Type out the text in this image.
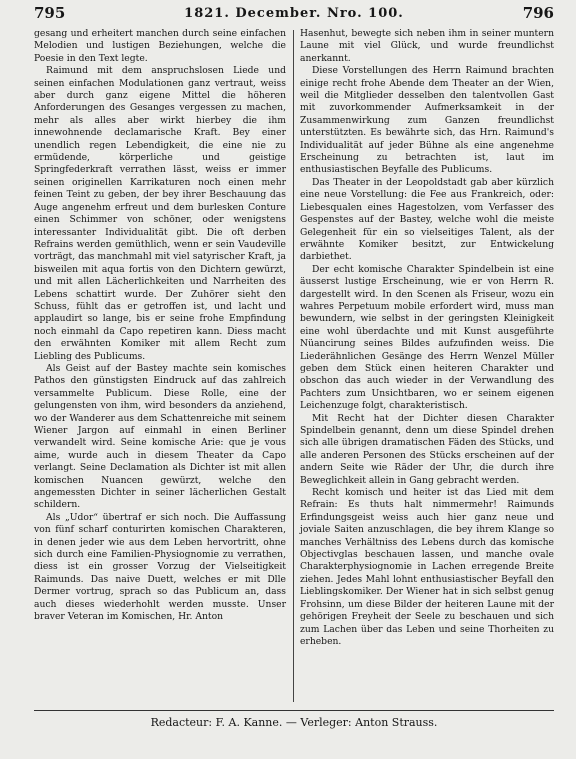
795	1821. December. Nro. 100.	796

gesang und erheitert manchen durch seine einfachen Melodien und lustigen Beziehungen, welche die Poesie in den Text legte.

Raimund mit dem anspruchslosen Liede und seinen einfachen Modulationen ganz vertraut, weiss aber durch ganz eigene Mittel die höheren Anforderungen des Gesanges vergessen zu machen, mehr als alles aber wirkt hierbey die ihm innewohnende declamarische Kraft. Bey einer unendlich regen Lebendigkeit, die eine nie zu ermüdende, körperliche und geistige Springfederkraft verrathen lässt, weiss er immer seinen originellen Karrikaturen noch einen mehr feinen Teint zu geben, der bey ihrer Beschauung das Auge angenehm erfreut und dem burlesken Conture einen Schimmer von schöner, oder wenigstens interessanter Individualität gibt. Die oft derben Refrains werden gemüthlich, wenn er sein Vaudeville vorträgt, das manchmahl mit viel satyrischer Kraft, ja bisweilen mit aqua fortis von den Dichtern gewürzt, und mit allen Lächerlichkeiten und Narrheiten des Lebens schattirt wurde. Der Zuhörer sieht den Schuss, fühlt das er getroffen ist, und lacht und applaudirt so lange, bis er seine frohe Empfindung noch einmahl da Capo repetiren kann. Diess macht den erwähnten Komiker mit allem Recht zum Liebling des Publicums.

Als Geist auf der Bastey machte sein komisches Pathos den günstigsten Eindruck auf das zahlreich versammelte Publicum. Diese Rolle, eine der gelungensten von ihm, wird besonders da anziehend, wo der Wanderer aus dem Schattenreiche mit seinem Wiener Jargon auf einmahl in einen Berliner verwandelt wird. Seine komische Arie: que je vous aime, wurde auch in diesem Theater da Capo verlangt. Seine Declamation als Dichter ist mit allen komischen Nuancen gewürzt, welche den angemessten Dichter in seiner lächerlichen Gestalt schildern.

Als „Udor“ übertraf er sich noch. Die Auffassung von fünf scharf conturirten komischen Charakteren, in denen jeder wie aus dem Leben hervortritt, ohne sich durch eine Familien-Physiognomie zu verrathen, diess ist ein grosser Vorzug der Vielseitigkeit Raimunds. Das naive Duett, welches er mit Dlle Dermer vortrug, sprach so das Publicum an, dass auch dieses wiederhohlt werden musste. Unser braver Veteran im Komischen, Hr. Anton

Hasenhut, bewegte sich neben ihm in seiner muntern Laune mit viel Glück, und wurde freundlichst anerkannt.

Diese Vorstellungen des Herrn Raimund brachten einige recht frohe Abende dem Theater an der Wien, weil die Mitglieder desselben den talentvollen Gast mit zuvorkommender Aufmerksamkeit in der Zusammenwirkung zum Ganzen freundlichst unterstützten. Es bewährte sich, das Hrn. Raimund's Individualität auf jeder Bühne als eine angenehme Erscheinung zu betrachten ist, laut im enthusiastischen Beyfalle des Publicums.

Das Theater in der Leopoldstadt gab aber kürzlich eine neue Vorstellung: die Fee aus Frankreich, oder: Liebesqualen eines Hagestolzen, vom Verfasser des Gespenstes auf der Bastey, welche wohl die meiste Gelegenheit für ein so vielseitiges Talent, als der erwähnte Komiker besitzt, zur Entwickelung darbiethet.

Der echt komische Charakter Spindelbein ist eine äusserst lustige Erscheinung, wie er von Herrn R. dargestellt wird. In den Scenen als Friseur, wozu ein wahres Perpetuum mobile erfordert wird, muss man bewundern, wie selbst in der geringsten Kleinigkeit eine wohl überdachte und mit Kunst ausgeführte Nüancirung seines Bildes aufzufinden weiss. Die Liederähnlichen Gesänge des Herrn Wenzel Müller geben dem Stück einen heiteren Charakter und obschon das auch wieder in der Verwandlung des Pachters zum Unsichtbaren, wo er seinem eigenen Leichenzuge folgt, charakteristisch.

Mit Recht hat der Dichter diesen Charakter Spindelbein genannt, denn um diese Spindel drehen sich alle übrigen dramatischen Fäden des Stücks, und alle anderen Personen des Stücks erscheinen auf der andern Seite wie Räder der Uhr, die durch ihre Beweglichkeit allein in Gang gebracht werden.

Recht komisch und heiter ist das Lied mit dem Refrain: Es thuts halt nimmermehr! Raimunds Erfindungsgeist weiss auch hier ganz neue und joviale Saiten anzuschlagen, die bey ihrem Klange so manches Verhältniss des Lebens durch das komische Objectivglas beschauen lassen, und manche ovale Charakterphysiognomie in Lachen erregende Breite ziehen. Jedes Mahl lohnt enthusiastischer Beyfall den Lieblingskomiker. Der Wiener hat in sich selbst genug Frohsinn, um diese Bilder der heiteren Laune mit der gehörigen Freyheit der Seele zu beschauen und sich zum Lachen über das Leben und seine Thorheiten zu erheben.

Redacteur: F. A. Kanne. — Verleger: Anton Strauss.
